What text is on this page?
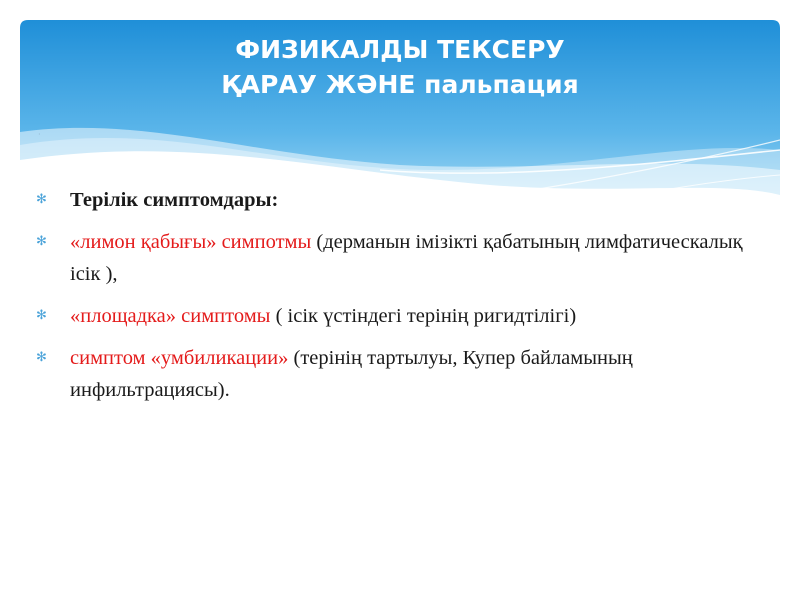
ФИЗИКАЛДЫ ТЕКСЕРУ
ҚАРАУ ЖӘНЕ пальпация
·
✻ Терілік симптомдары:
✻ «лимон қабығы» симпотмы (дерманын імізікті қабатының лимфатическалық ісік ),
✻ «площадка» симптомы ( ісік үстіндегі терінің ригидтілігі)
✻ симптом «умбиликации» (терінің тартылуы, Купер байламының инфильтрациясы).
